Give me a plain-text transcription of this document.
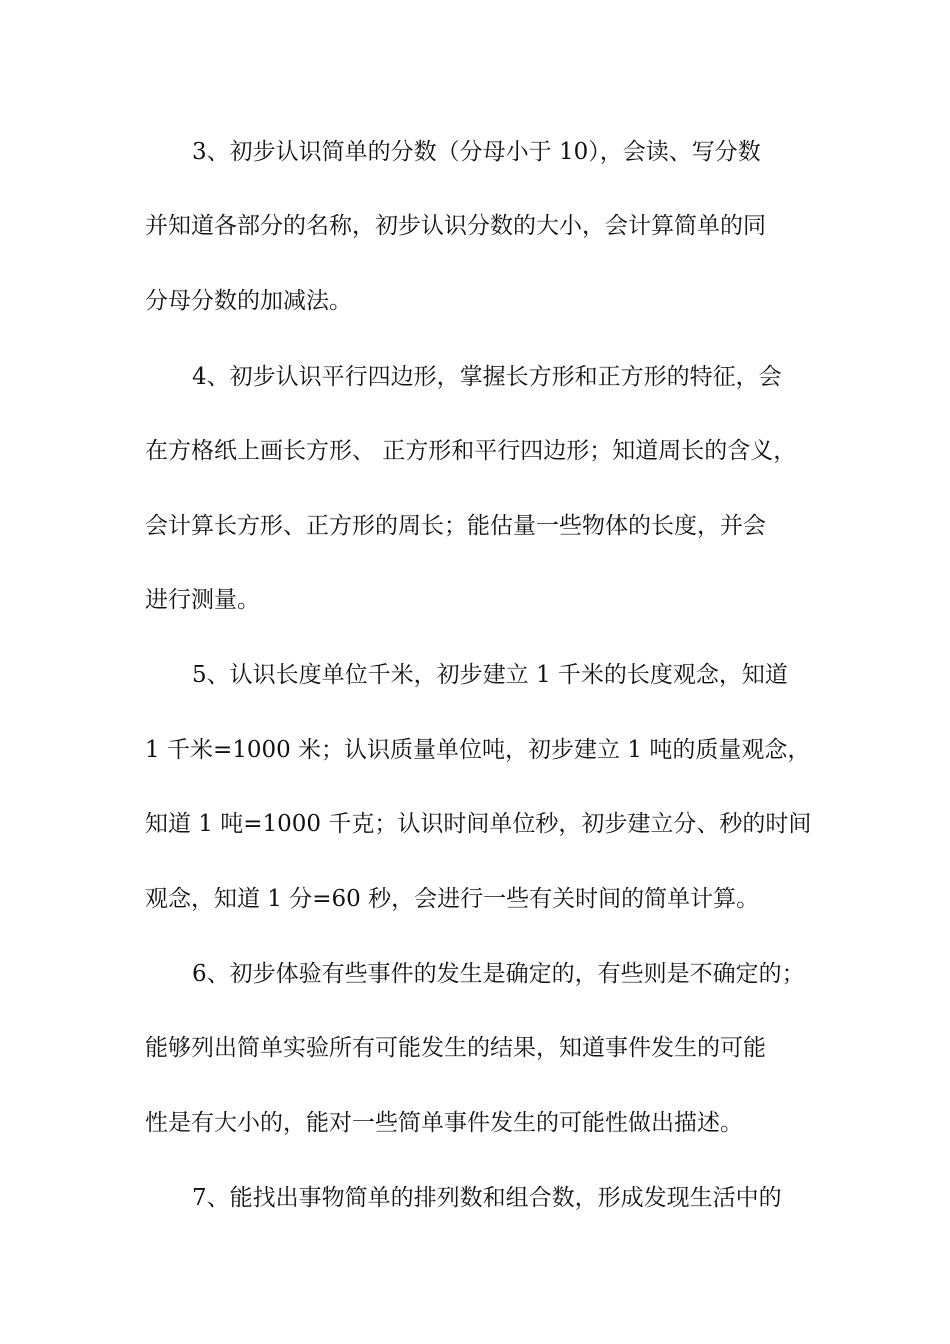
3、初步认识简单的分数（分母小于 10），会读、写分数

并知道各部分的名称，初步认识分数的大小，会计算简单的同

分母分数的加减法。

4、初步认识平行四边形，掌握长方形和正方形的特征，会

在方格纸上画长方形、 正方形和平行四边形；知道周长的含义，

会计算长方形、正方形的周长；能估量一些物体的长度，并会

进行测量。

5、认识长度单位千米，初步建立 1 千米的长度观念，知道

1 千米=1000 米；认识质量单位吨，初步建立 1 吨的质量观念，

知道 1 吨=1000 千克；认识时间单位秒，初步建立分、秒的时间

观念，知道 1 分=60 秒，会进行一些有关时间的简单计算。

6、初步体验有些事件的发生是确定的，有些则是不确定的；

能够列出简单实验所有可能发生的结果，知道事件发生的可能

性是有大小的，能对一些简单事件发生的可能性做出描述。

7、能找出事物简单的排列数和组合数，形成发现生活中的
